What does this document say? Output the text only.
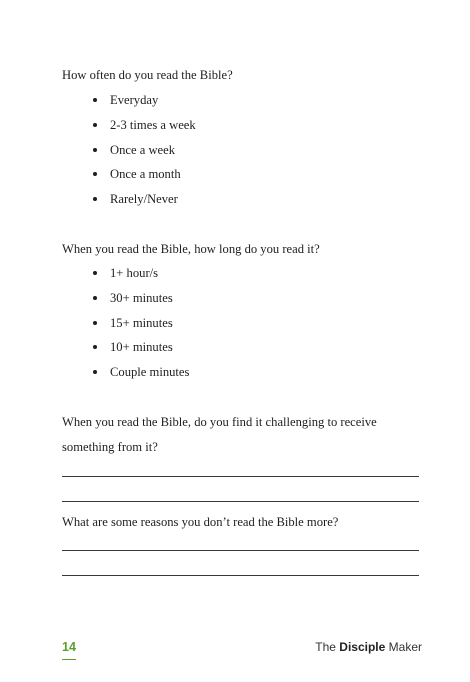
How often do you read the Bible?

Everyday
2-3 times a week
Once a week
Once a month
Rarely/Never

When you read the Bible, how long do you read it?

1+ hour/s
30+ minutes
15+ minutes
10+ minutes
Couple minutes

When you read the Bible, do you find it challenging to receive
something from it?

What are some reasons you don’t read the Bible more?

14	The Disciple Maker
